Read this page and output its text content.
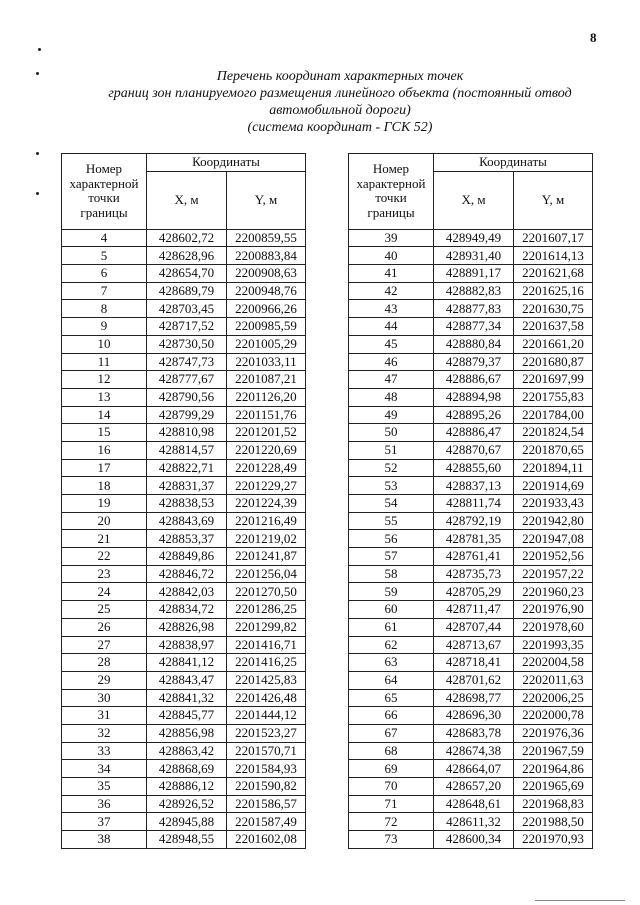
8
Перечень координат характерных точек
границ зон планируемого размещения линейного объекта (постоянный отвод
автомобильной дороги)
(система координат - ГСК 52)
Номер характерной точки границы	Координаты	
	X, м	Y, м
4	428602,72	2200859,55
5	428628,96	2200883,84
6	428654,70	2200908,63
7	428689,79	2200948,76
8	428703,45	2200966,26
9	428717,52	2200985,59
10	428730,50	2201005,29
11	428747,73	2201033,11
12	428777,67	2201087,21
13	428790,56	2201126,20
14	428799,29	2201151,76
15	428810,98	2201201,52
16	428814,57	2201220,69
17	428822,71	2201228,49
18	428831,37	2201229,27
19	428838,53	2201224,39
20	428843,69	2201216,49
21	428853,37	2201219,02
22	428849,86	2201241,87
23	428846,72	2201256,04
24	428842,03	2201270,50
25	428834,72	2201286,25
26	428826,98	2201299,82
27	428838,97	2201416,71
28	428841,12	2201416,25
29	428843,47	2201425,83
30	428841,32	2201426,48
31	428845,77	2201444,12
32	428856,98	2201523,27
33	428863,42	2201570,71
34	428868,69	2201584,93
35	428886,12	2201590,82
36	428926,52	2201586,57
37	428945,88	2201587,49
38	428948,55	2201602,08
Номер характерной точки границы	Координаты	
	X, м	Y, м
39	428949,49	2201607,17
40	428931,40	2201614,13
41	428891,17	2201621,68
42	428882,83	2201625,16
43	428877,83	2201630,75
44	428877,34	2201637,58
45	428880,84	2201661,20
46	428879,37	2201680,87
47	428886,67	2201697,99
48	428894,98	2201755,83
49	428895,26	2201784,00
50	428886,47	2201824,54
51	428870,67	2201870,65
52	428855,60	2201894,11
53	428837,13	2201914,69
54	428811,74	2201933,43
55	428792,19	2201942,80
56	428781,35	2201947,08
57	428761,41	2201952,56
58	428735,73	2201957,22
59	428705,29	2201960,23
60	428711,47	2201976,90
61	428707,44	2201978,60
62	428713,67	2201993,35
63	428718,41	2202004,58
64	428701,62	2202011,63
65	428698,77	2202006,25
66	428696,30	2202000,78
67	428683,78	2201976,36
68	428674,38	2201967,59
69	428664,07	2201964,86
70	428657,20	2201965,69
71	428648,61	2201968,83
72	428611,32	2201988,50
73	428600,34	2201970,93
